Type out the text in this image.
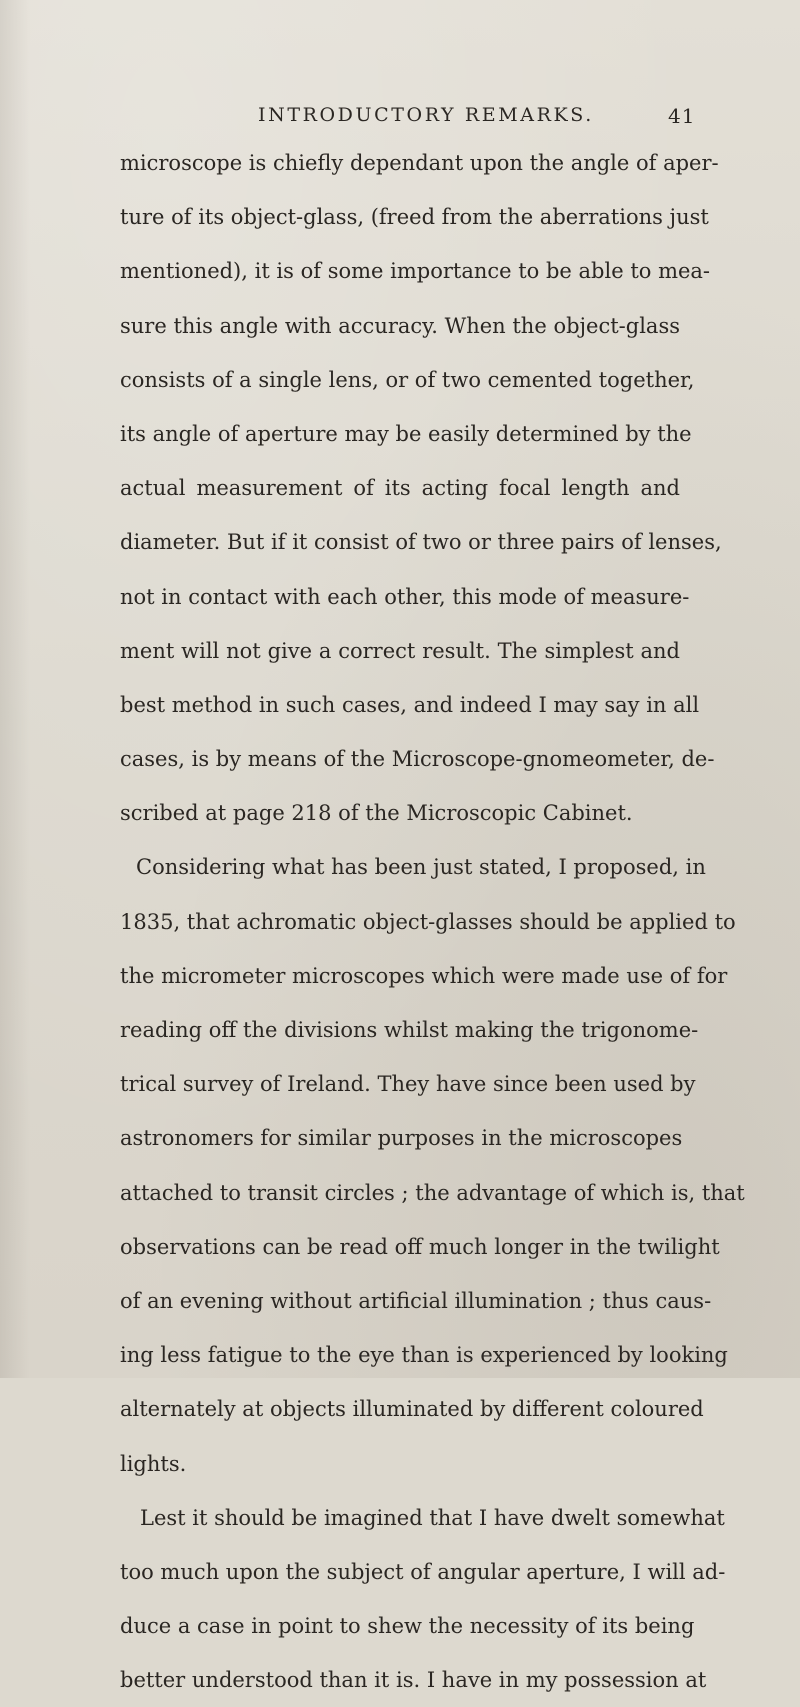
INTRODUCTORY REMARKS.	41
microscope is chiefly dependant upon the angle of aper-
ture of its object-glass, (freed from the aberrations just
mentioned), it is of some importance to be able to mea-
sure this angle with accuracy. When the object-glass
consists of a single lens, or of two cemented together,
its angle of aperture may be easily determined by the
actual measurement of its acting focal length and
diameter. But if it consist of two or three pairs of lenses,
not in contact with each other, this mode of measure-
ment will not give a correct result. The simplest and
best method in such cases, and indeed I may say in all
cases, is by means of the Microscope-gnomeometer, de-
scribed at page 218 of the Microscopic Cabinet.
Considering what has been just stated, I proposed, in
1835, that achromatic object-glasses should be applied to
the micrometer microscopes which were made use of for
reading off the divisions whilst making the trigonome-
trical survey of Ireland. They have since been used by
astronomers for similar purposes in the microscopes
attached to transit circles ; the advantage of which is, that
observations can be read off much longer in the twilight
of an evening without artificial illumination ; thus caus-
ing less fatigue to the eye than is experienced by looking
alternately at objects illuminated by different coloured
lights.
Lest it should be imagined that I have dwelt somewhat
too much upon the subject of angular aperture, I will ad-
duce a case in point to shew the necessity of its being
better understood than it is. I have in my possession at
